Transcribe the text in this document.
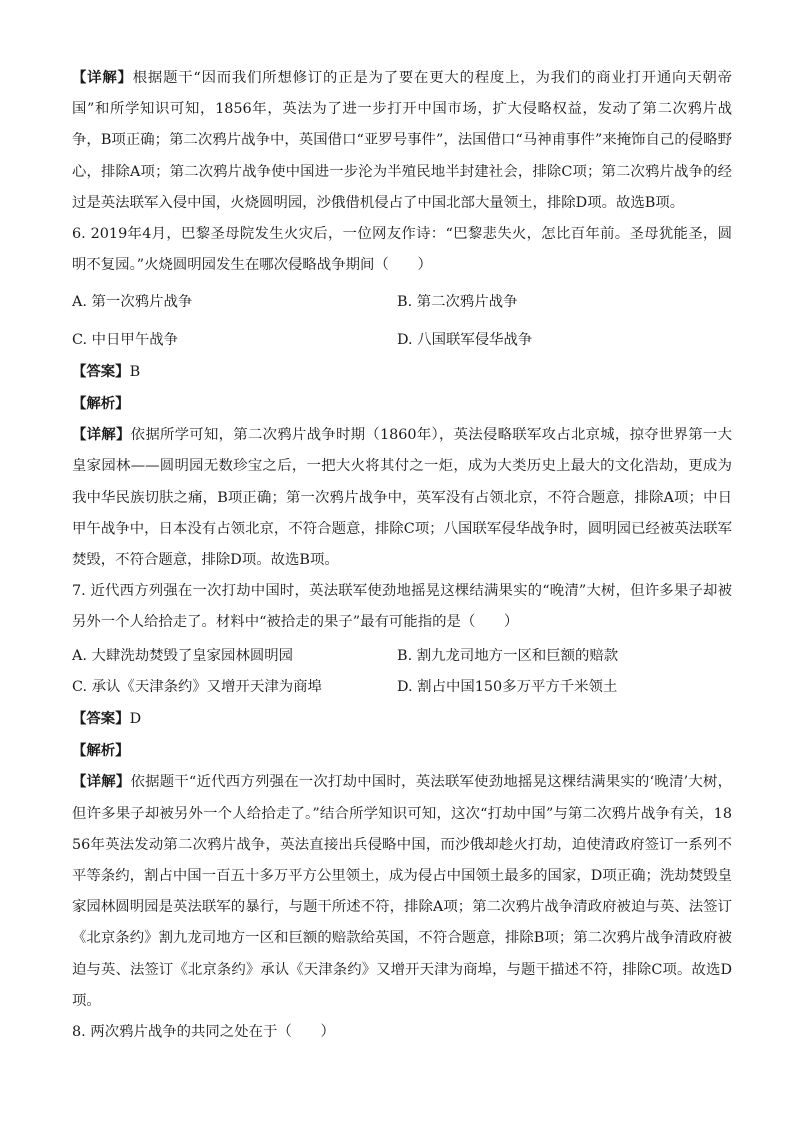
【详解】根据题干“因而我们所想修订的正是为了要在更大的程度上，为我们的商业打开通向天朝帝国”和所学知识可知，1856年，英法为了进一步打开中国市场，扩大侵略权益，发动了第二次鸦片战争，B项正确；第二次鸦片战争中，英国借口“亚罗号事件”，法国借口“马神甫事件”来掩饰自己的侵略野心，排除A项；第二次鸦片战争使中国进一步沦为半殖民地半封建社会，排除C项；第二次鸦片战争的经过是英法联军入侵中国，火烧圆明园，沙俄借机侵占了中国北部大量领土，排除D项。故选B项。

6. 2019年4月，巴黎圣母院发生火灾后，一位网友作诗：“巴黎悲失火，怎比百年前。圣母犹能圣，圆明不复园。”火烧圆明园发生在哪次侵略战争期间（　　）

A. 第一次鸦片战争	B. 第二次鸦片战争
C. 中日甲午战争	D. 八国联军侵华战争

【答案】B

【解析】

【详解】依据所学可知，第二次鸦片战争时期（1860年），英法侵略联军攻占北京城，掠夺世界第一大皇家园林——圆明园无数珍宝之后，一把大火将其付之一炬，成为大类历史上最大的文化浩劫，更成为我中华民族切肤之痛，B项正确；第一次鸦片战争中，英军没有占领北京，不符合题意，排除A项；中日甲午战争中，日本没有占领北京，不符合题意，排除C项；八国联军侵华战争时，圆明园已经被英法联军焚毁，不符合题意，排除D项。故选B项。

7. 近代西方列强在一次打劫中国时，英法联军使劲地摇晃这棵结满果实的“晚清”大树，但许多果子却被另外一个人给拾走了。材料中“被拾走的果子”最有可能指的是（　　）

A. 大肆洗劫焚毁了皇家园林圆明园	B. 割九龙司地方一区和巨额的赔款
C. 承认《天津条约》又增开天津为商埠	D. 割占中国150多万平方千米领土

【答案】D

【解析】

【详解】依据题干“近代西方列强在一次打劫中国时，英法联军使劲地摇晃这棵结满果实的‘晚清’大树，但许多果子却被另外一个人给拾走了。”结合所学知识可知，这次“打劫中国”与第二次鸦片战争有关，1856年英法发动第二次鸦片战争，英法直接出兵侵略中国，而沙俄却趁火打劫，迫使清政府签订一系列不平等条约，割占中国一百五十多万平方公里领土，成为侵占中国领土最多的国家，D项正确；洗劫焚毁皇家园林圆明园是英法联军的暴行，与题干所述不符，排除A项；第二次鸦片战争清政府被迫与英、法签订《北京条约》割九龙司地方一区和巨额的赔款给英国，不符合题意，排除B项；第二次鸦片战争清政府被迫与英、法签订《北京条约》承认《天津条约》又增开天津为商埠，与题干描述不符，排除C项。故选D项。

8. 两次鸦片战争的共同之处在于（　　）
